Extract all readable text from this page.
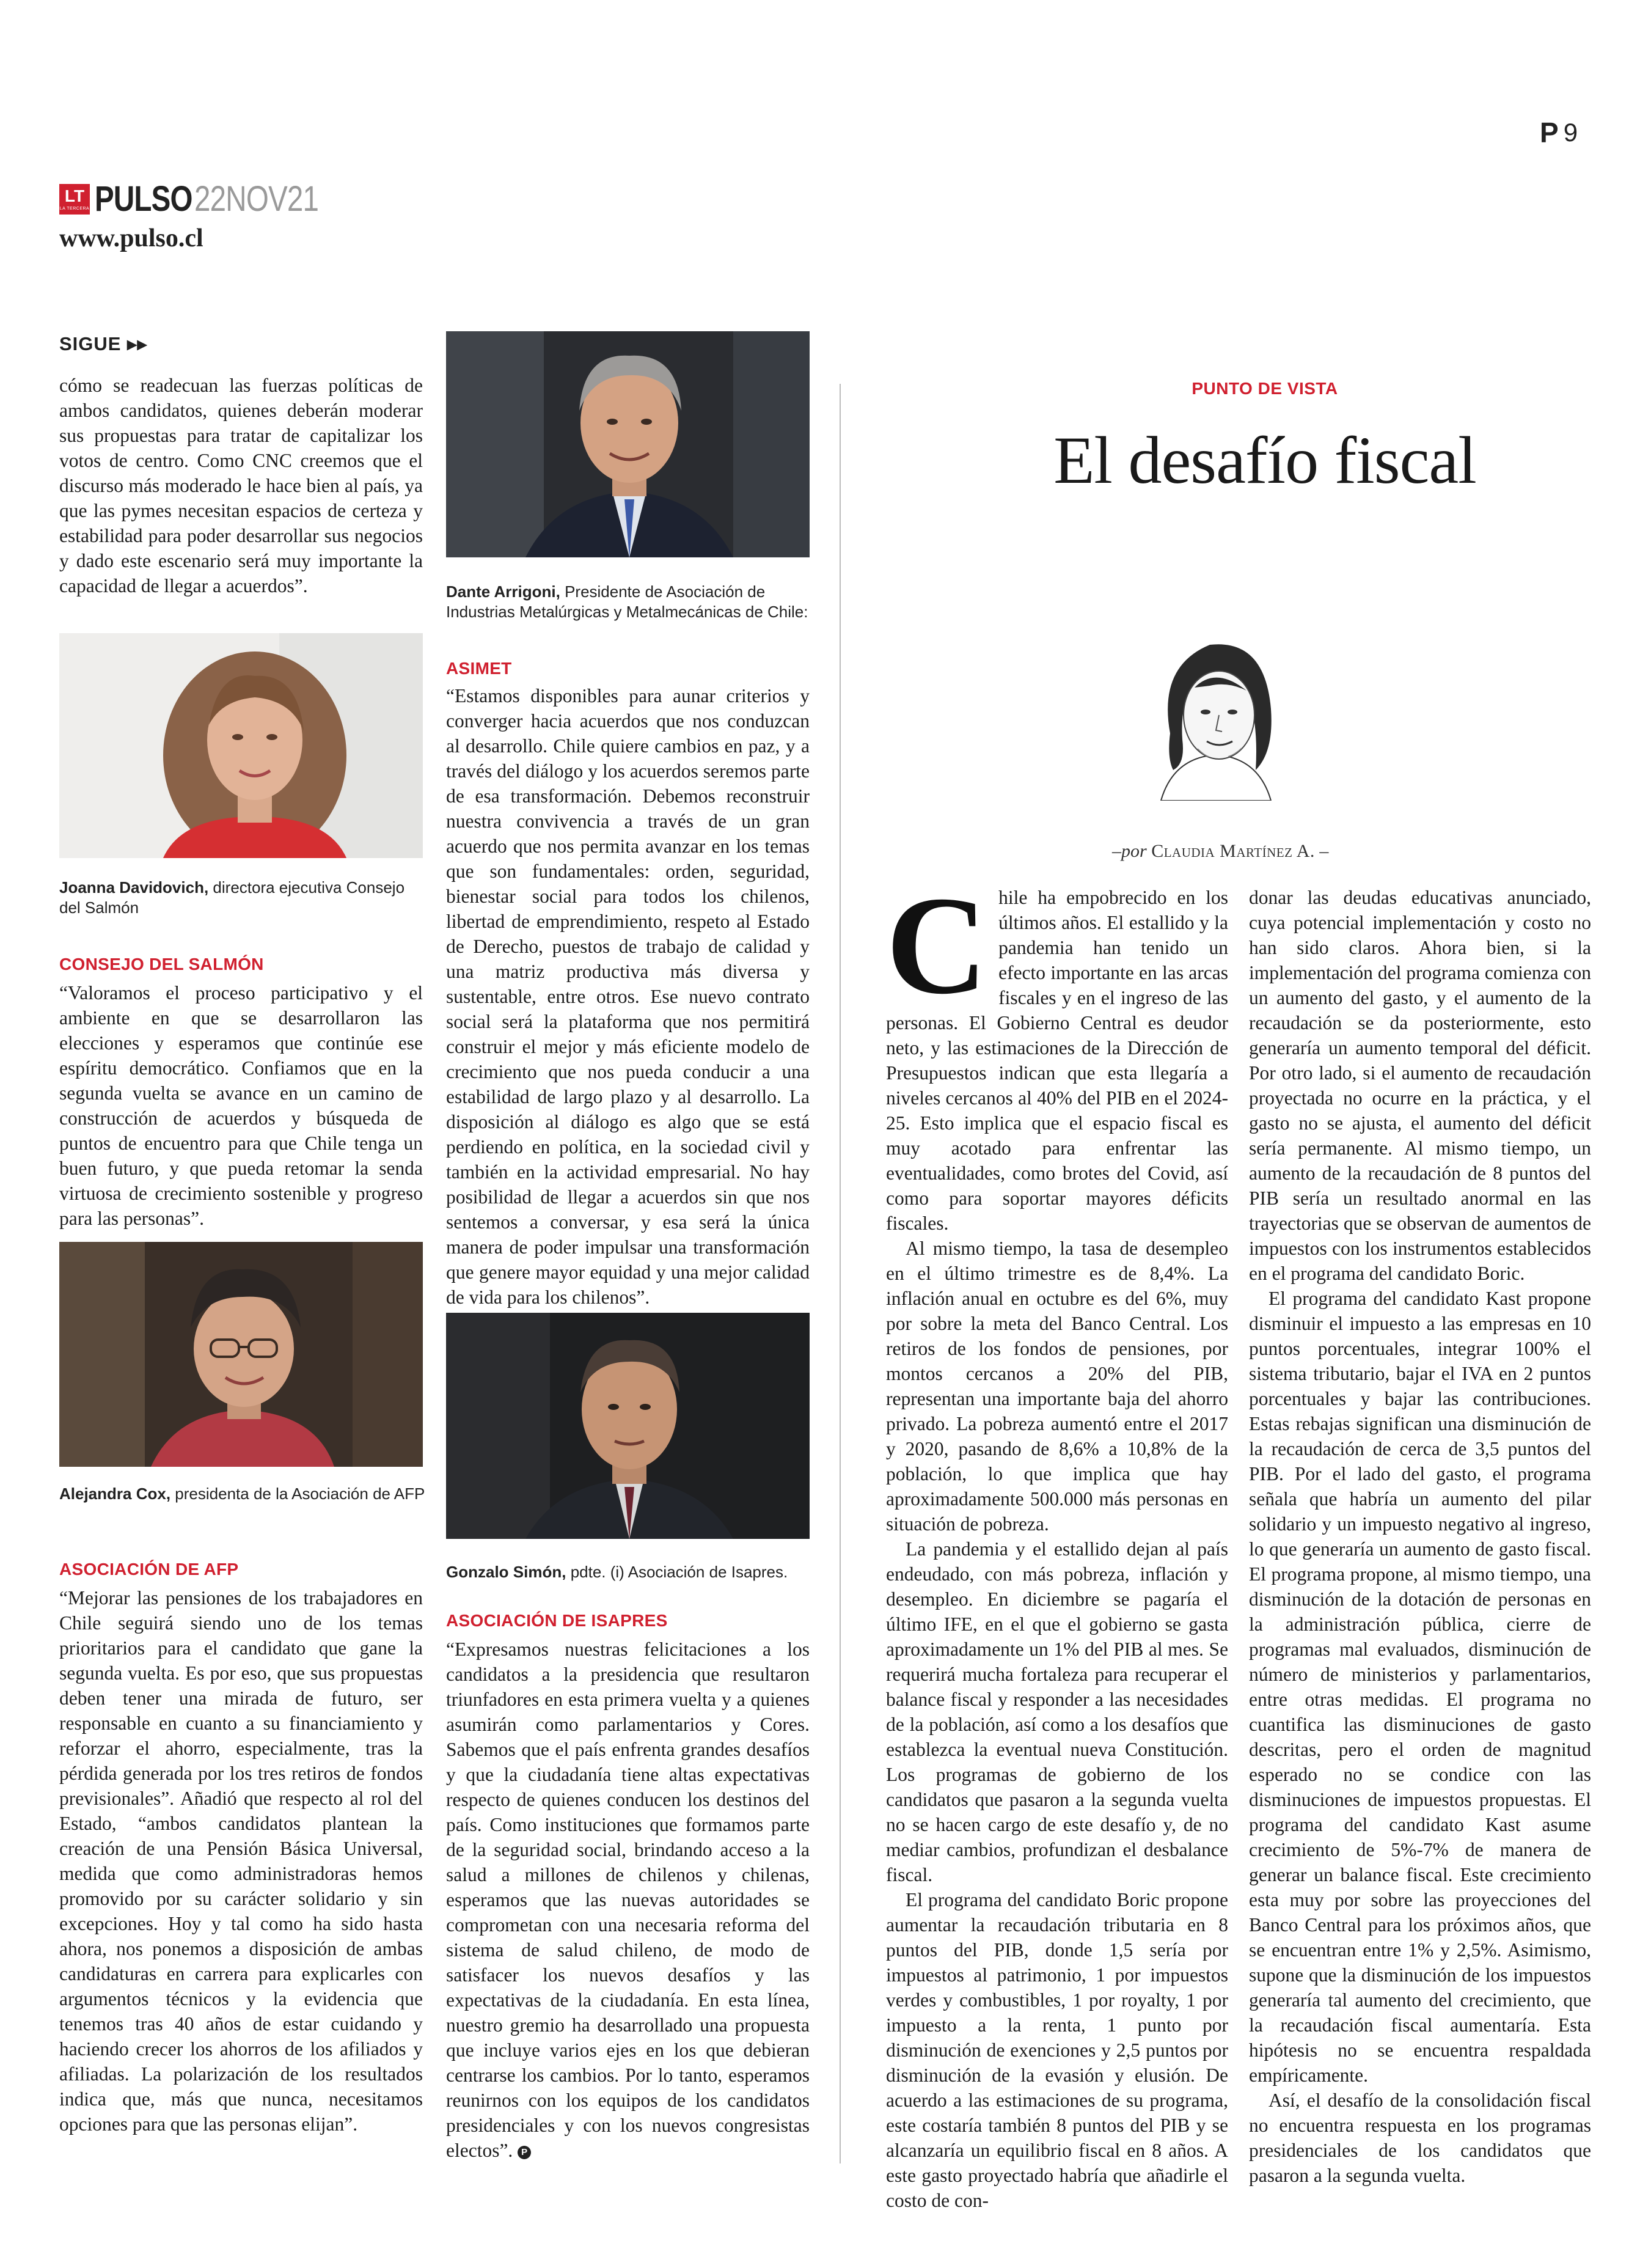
P 9
LT
LA TERCERA PULSO 22NOV21
www.pulso.cl
SIGUE ▸▸

cómo se readecuan las fuerzas políticas de ambos candidatos, quienes deberán moderar sus propuestas para tratar de capitalizar los votos de centro. Como CNC creemos que el discurso más moderado le hace bien al país, ya que las pymes necesitan espacios de certeza y estabilidad para poder desarrollar sus negocios y dado este escenario será muy importante la capacidad de llegar a acuerdos”.

Joanna Davidovich, directora ejecutiva Consejo del Salmón
CONSEJO DEL SALMÓN

“Valoramos el proceso participativo y el ambiente en que se desarrollaron las elecciones y esperamos que continúe ese espíritu democrático. Confiamos que en la segunda vuelta se avance en un camino de construcción de acuerdos y búsqueda de puntos de encuentro para que Chile tenga un buen futuro, y que pueda retomar la senda virtuosa de crecimiento sostenible y progreso para las personas”.

Alejandra Cox, presidenta de la Asociación de AFP
ASOCIACIÓN DE AFP

“Mejorar las pensiones de los trabajadores en Chile seguirá siendo uno de los temas prioritarios para el candidato que gane la segunda vuelta. Es por eso, que sus propuestas deben tener una mirada de futuro, ser responsable en cuanto a su financiamiento y reforzar el ahorro, especialmente, tras la pérdida generada por los tres retiros de fondos previsionales”. Añadió que respecto al rol del Estado, “ambos candidatos plantean la creación de una Pensión Básica Universal, medida que como administradoras hemos promovido por su carácter solidario y sin excepciones. Hoy y tal como ha sido hasta ahora, nos ponemos a disposición de ambas candidaturas en carrera para explicarles con argumentos técnicos y la evidencia que tenemos tras 40 años de estar cuidando y haciendo crecer los ahorros de los afiliados y afiliadas. La polarización de los resultados indica que, más que nunca, necesitamos opciones para que las personas elijan”.

Dante Arrigoni, Presidente de Asociación de Industrias Metalúrgicas y Metalmecánicas de Chile:
ASIMET

“Estamos disponibles para aunar criterios y converger hacia acuerdos que nos conduzcan al desarrollo. Chile quiere cambios en paz, y a través del diálogo y los acuerdos seremos parte de esa transformación. Debemos reconstruir nuestra convivencia a través de un gran acuerdo que nos permita avanzar en los temas que son fundamentales: orden, seguridad, bienestar social para todos los chilenos, libertad de emprendimiento, respeto al Estado de Derecho, puestos de trabajo de calidad y una matriz productiva más diversa y sustentable, entre otros. Ese nuevo contrato social será la plataforma que nos permitirá construir el mejor y más eficiente modelo de crecimiento que nos pueda conducir a una estabilidad de largo plazo y al desarrollo. La disposición al diálogo es algo que se está perdiendo en política, en la sociedad civil y también en la actividad empresarial. No hay posibilidad de llegar a acuerdos sin que nos sentemos a conversar, y esa será la única manera de poder impulsar una transformación que genere mayor equidad y una mejor calidad de vida para los chilenos”.

Gonzalo Simón, pdte. (i) Asociación de Isapres.
ASOCIACIÓN DE ISAPRES

“Expresamos nuestras felicitaciones a los candidatos a la presidencia que resultaron triunfadores en esta primera vuelta y a quienes asumirán como parlamentarios y Cores. Sabemos que el país enfrenta grandes desafíos y que la ciudadanía tiene altas expectativas respecto de quienes conducen los destinos del país. Como instituciones que formamos parte de la seguridad social, brindando acceso a la salud a millones de chilenos y chilenas, esperamos que las nuevas autoridades se comprometan con una necesaria reforma del sistema de salud chileno, de modo de satisfacer los nuevos desafíos y las expectativas de la ciudadanía. En esta línea, nuestro gremio ha desarrollado una propuesta que incluye varios ejes en los que debieran centrarse los cambios. Por lo tanto, esperamos reunirnos con los equipos de los candidatos presidenciales y con los nuevos congresistas electos”. P

PUNTO DE VISTA
El desafío fiscal
–por Claudia Martínez A. –

Chile ha empobrecido en los últimos años. El estallido y la pandemia han tenido un efecto importante en las arcas fiscales y en el ingreso de las personas. El Gobierno Central es deudor neto, y las estimaciones de la Dirección de Presupuestos indican que esta llegaría a niveles cercanos al 40% del PIB en el 2024-25. Esto implica que el espacio fiscal es muy acotado para enfrentar las eventualidades, como brotes del Covid, así como para soportar mayores déficits fiscales.

Al mismo tiempo, la tasa de desempleo en el último trimestre es de 8,4%. La inflación anual en octubre es del 6%, muy por sobre la meta del Banco Central. Los retiros de los fondos de pensiones, por montos cercanos a 20% del PIB, representan una importante baja del ahorro privado. La pobreza aumentó entre el 2017 y 2020, pasando de 8,6% a 10,8% de la población, lo que implica que hay aproximadamente 500.000 más personas en situación de pobreza.

La pandemia y el estallido dejan al país endeudado, con más pobreza, inflación y desempleo. En diciembre se pagaría el último IFE, en el que el gobierno se gasta aproximadamente un 1% del PIB al mes. Se requerirá mucha fortaleza para recuperar el balance fiscal y responder a las necesidades de la población, así como a los desafíos que establezca la eventual nueva Constitución. Los programas de gobierno de los candidatos que pasaron a la segunda vuelta no se hacen cargo de este desafío y, de no mediar cambios, profundizan el desbalance fiscal.

El programa del candidato Boric propone aumentar la recaudación tributaria en 8 puntos del PIB, donde 1,5 sería por impuestos al patrimonio, 1 por impuestos verdes y combustibles, 1 por royalty, 1 por impuesto a la renta, 1 punto por disminución de exenciones y 2,5 puntos por disminución de la evasión y elusión. De acuerdo a las estimaciones de su programa, este costaría también 8 puntos del PIB y se alcanzaría un equilibrio fiscal en 8 años. A este gasto proyectado habría que añadirle el costo de con-

donar las deudas educativas anunciado, cuya potencial implementación y costo no han sido claros. Ahora bien, si la implementación del programa comienza con un aumento del gasto, y el aumento de la recaudación se da posteriormente, esto generaría un aumento temporal del déficit. Por otro lado, si el aumento de recaudación proyectada no ocurre en la práctica, y el gasto no se ajusta, el aumento del déficit sería permanente. Al mismo tiempo, un aumento de la recaudación de 8 puntos del PIB sería un resultado anormal en las trayectorias que se observan de aumentos de impuestos con los instrumentos establecidos en el programa del candidato Boric.

El programa del candidato Kast propone disminuir el impuesto a las empresas en 10 puntos porcentuales, integrar 100% el sistema tributario, bajar el IVA en 2 puntos porcentuales y bajar las contribuciones. Estas rebajas significan una disminución de la recaudación de cerca de 3,5 puntos del PIB. Por el lado del gasto, el programa señala que habría un aumento del pilar solidario y un impuesto negativo al ingreso, lo que generaría un aumento de gasto fiscal. El programa propone, al mismo tiempo, una disminución de la dotación de personas en la administración pública, cierre de programas mal evaluados, disminución de número de ministerios y parlamentarios, entre otras medidas. El programa no cuantifica las disminuciones de gasto descritas, pero el orden de magnitud esperado no se condice con las disminuciones de impuestos propuestas. El programa del candidato Kast asume crecimiento de 5%-7% de manera de generar un balance fiscal. Este crecimiento esta muy por sobre las proyecciones del Banco Central para los próximos años, que se encuentran entre 1% y 2,5%. Asimismo, supone que la disminución de los impuestos generaría tal aumento del crecimiento, que la recaudación fiscal aumentaría. Esta hipótesis no se encuentra respaldada empíricamente.

Así, el desafío de la consolidación fiscal no encuentra respuesta en los programas presidenciales de los candidatos que pasaron a la segunda vuelta.
